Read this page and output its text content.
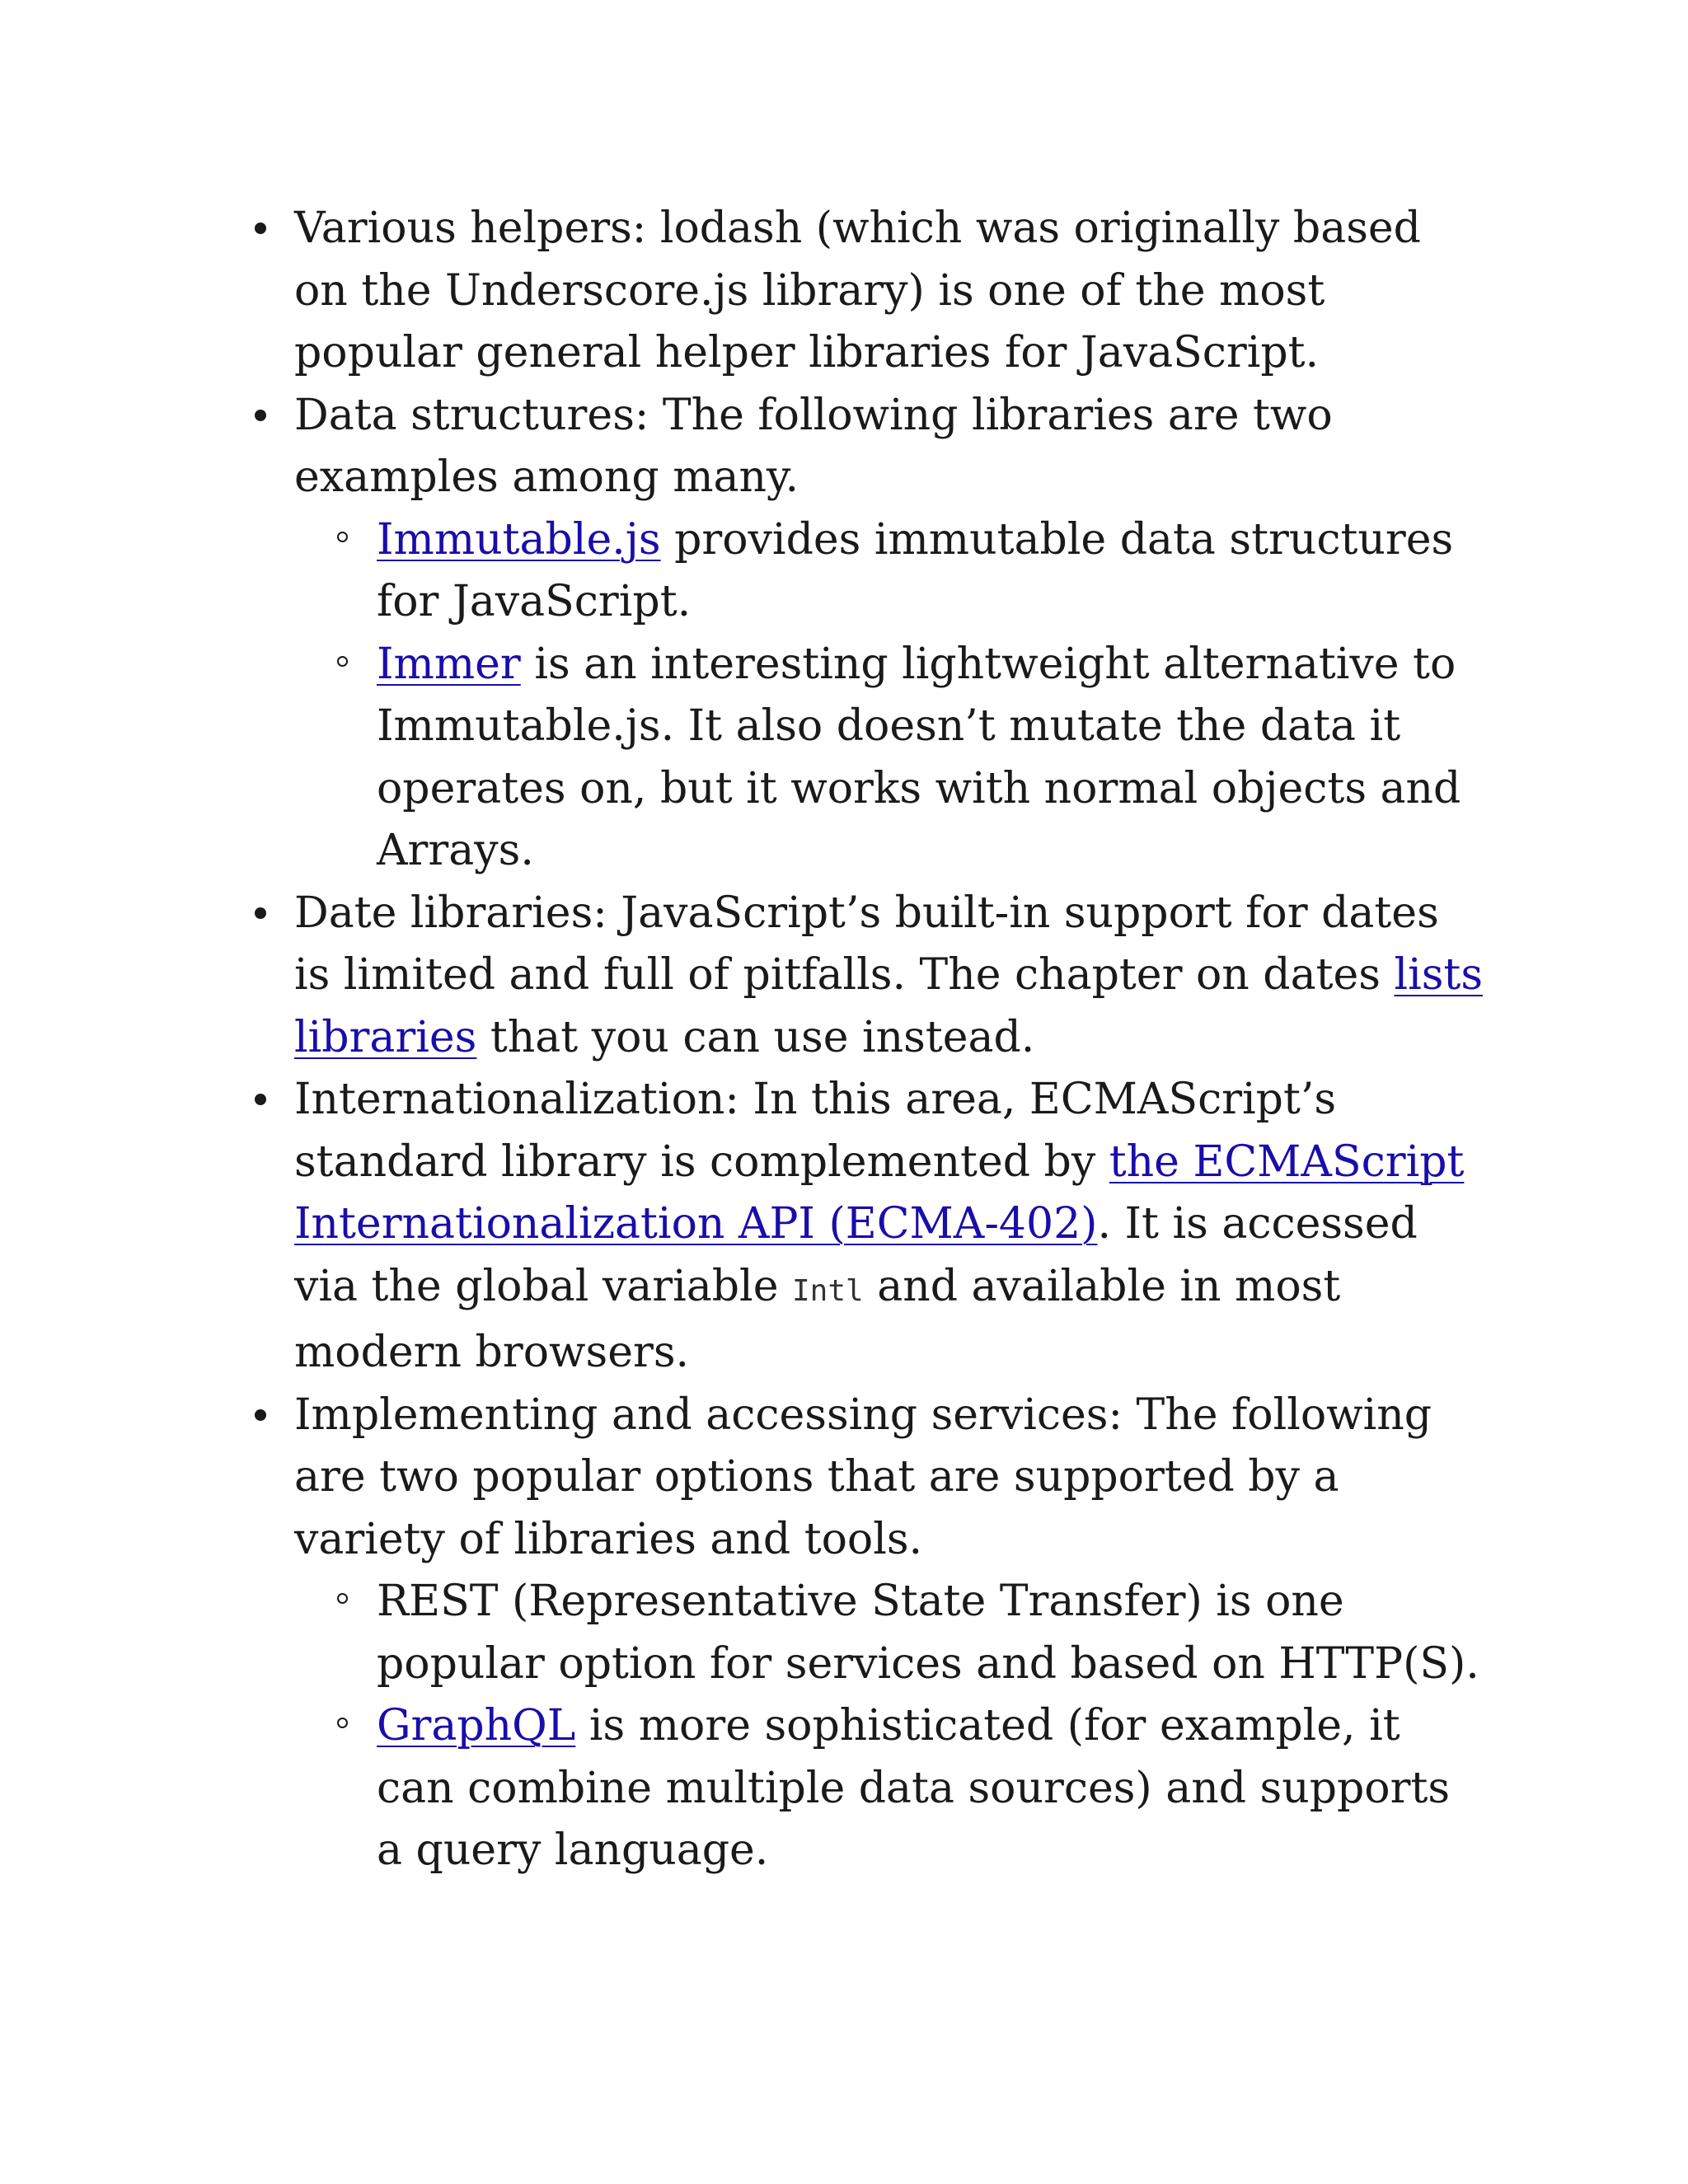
Various helpers: lodash (which was originally based on the Underscore.js library) is one of the most popular general helper libraries for JavaScript.
Data structures: The following libraries are two examples among many.
Immutable.js provides immutable data structures for JavaScript.
Immer is an interesting lightweight alternative to Immutable.js. It also doesn’t mutate the data it operates on, but it works with normal objects and Arrays.
Date libraries: JavaScript’s built-in support for dates is limited and full of pitfalls. The chapter on dates lists libraries that you can use instead.
Internationalization: In this area, ECMAScript’s standard library is complemented by the ECMAScript Internationalization API (ECMA-402). It is accessed via the global variable Intl and available in most modern browsers.
Implementing and accessing services: The following are two popular options that are supported by a variety of libraries and tools.
REST (Representative State Transfer) is one popular option for services and based on HTTP(S).
GraphQL is more sophisticated (for example, it can combine multiple data sources) and supports a query language.
